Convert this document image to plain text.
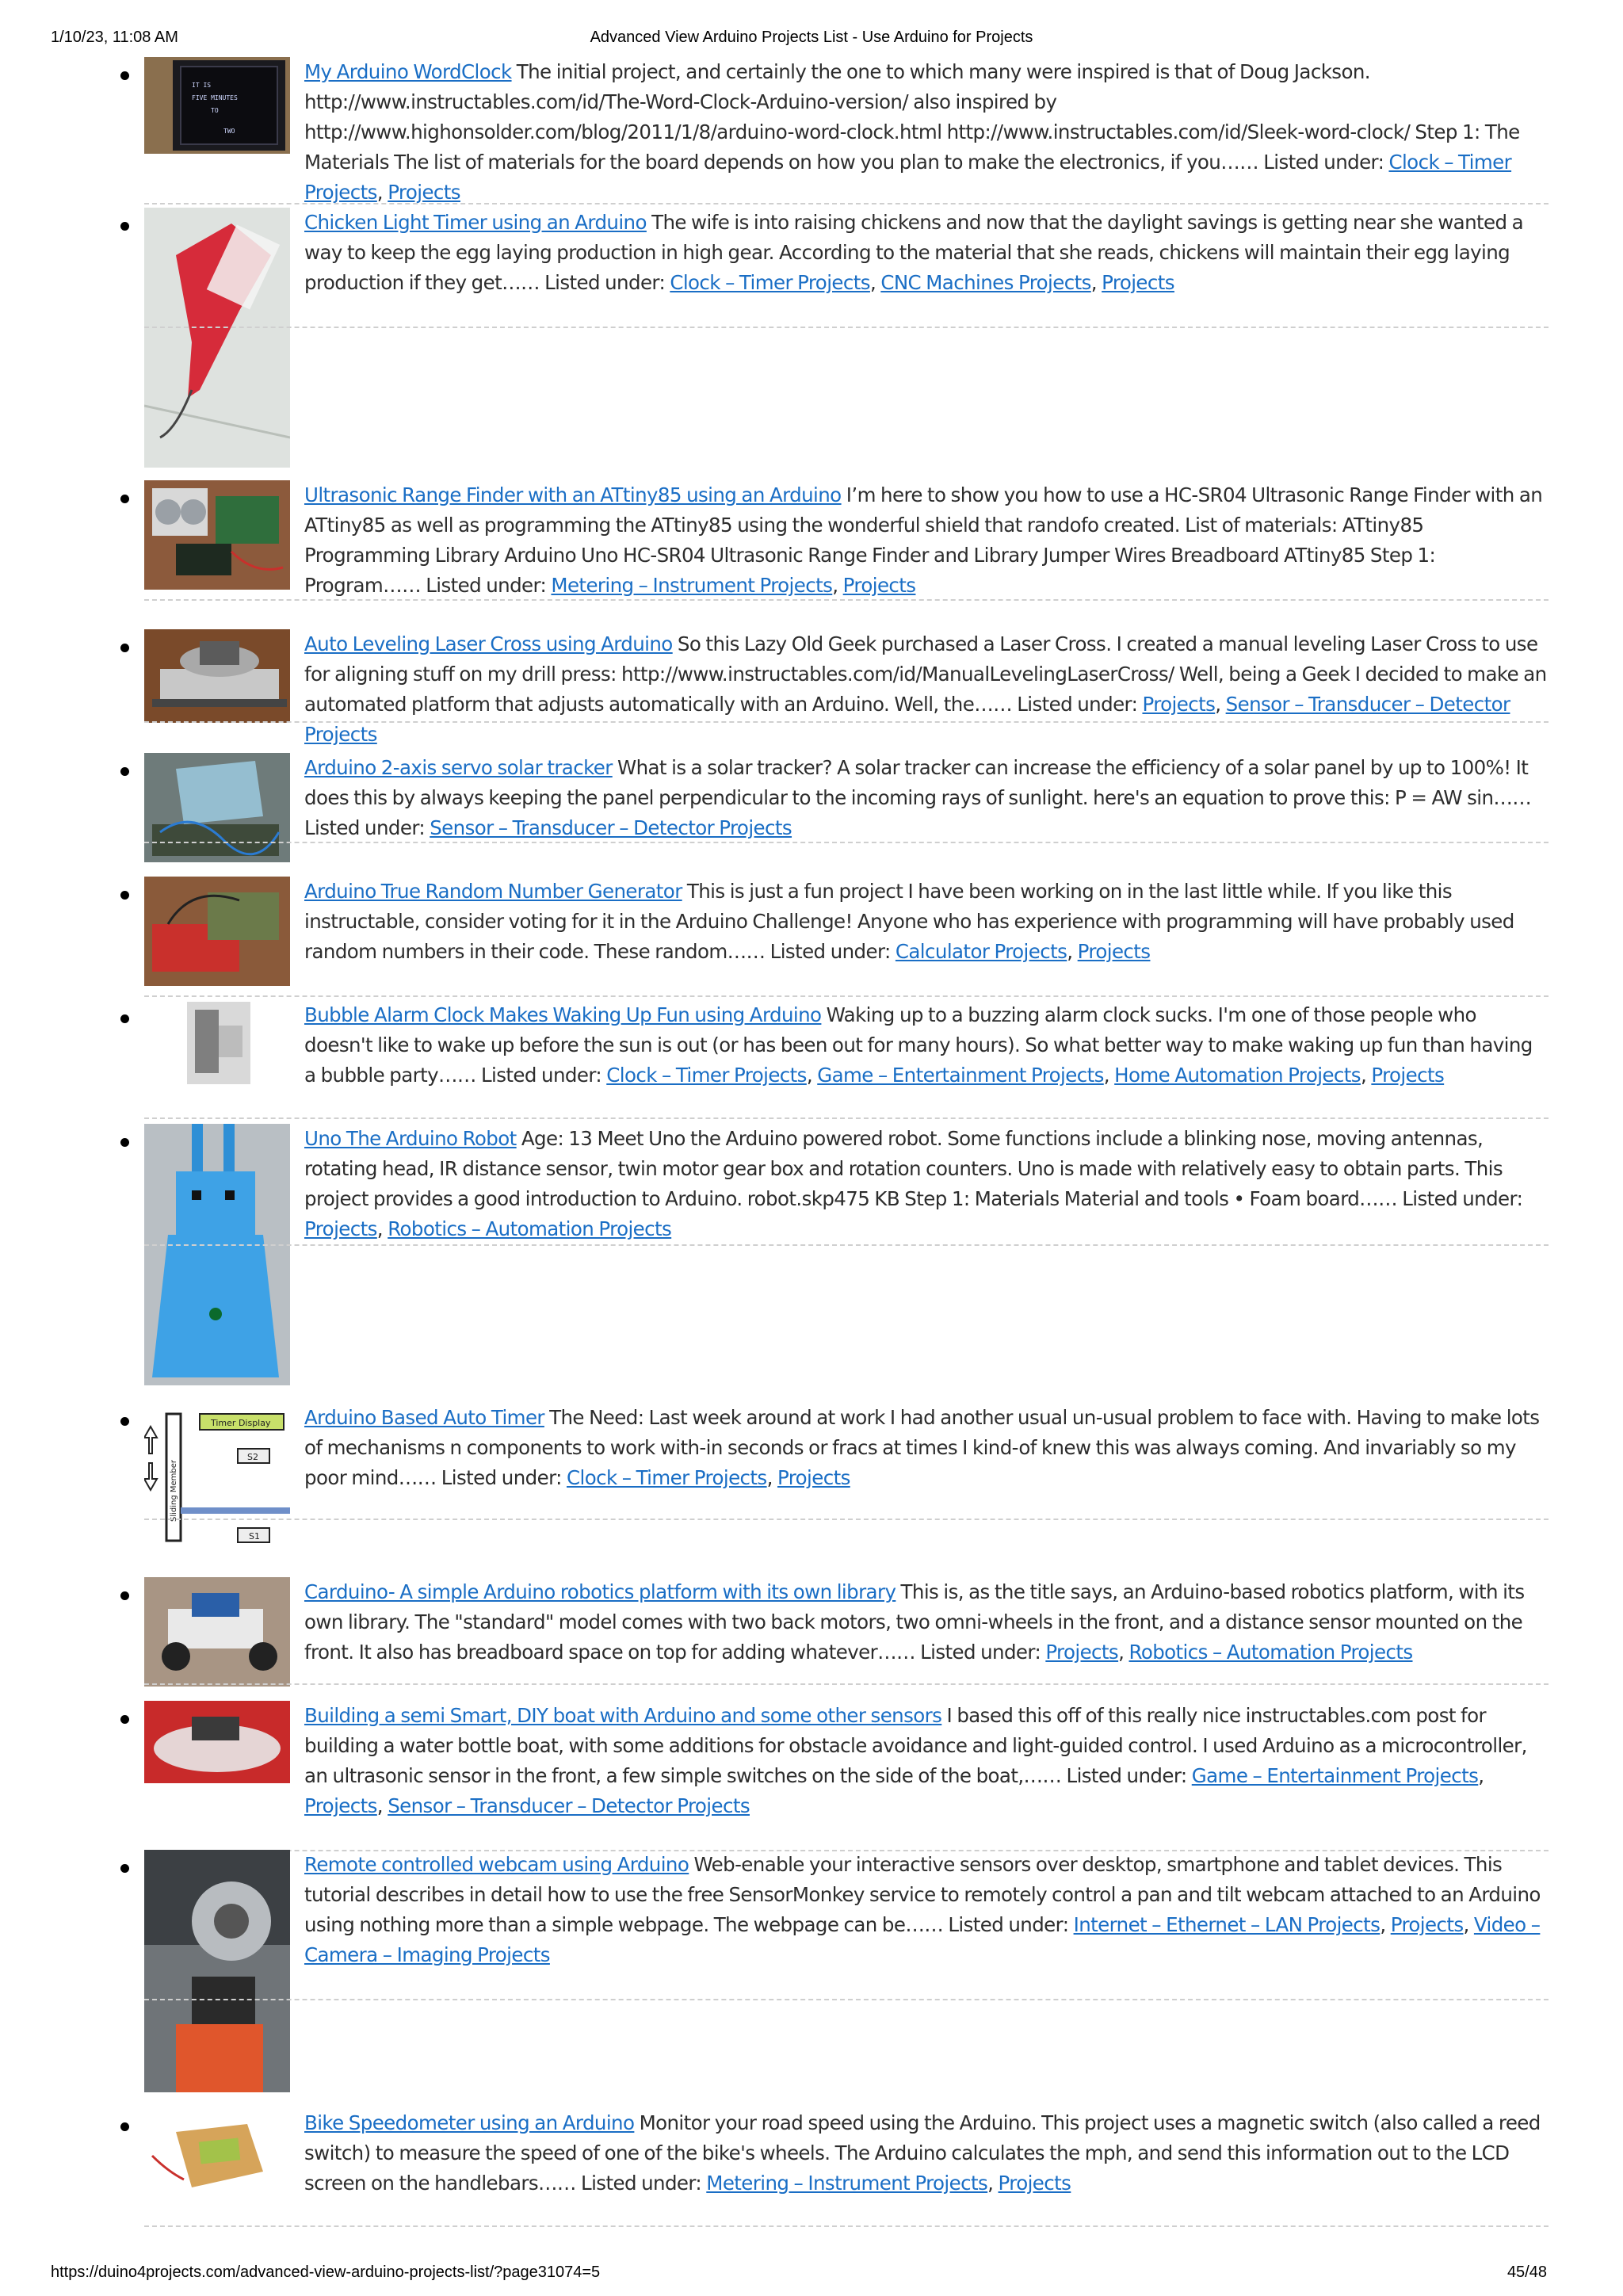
1/10/23, 11:08 AM	Advanced View Arduino Projects List - Use Arduino for Projects
IT IS
FIVE MINUTES
TO
TWO
My Arduino WordClock The initial project, and certainly the one to which many were inspired is that of Doug Jackson. http://www.instructables.com/id/The-Word-Clock-Arduino-version/ also inspired by http://www.highonsolder.com/blog/2011/1/8/arduino-word-clock.html http://www.instructables.com/id/Sleek-word-clock/ Step 1: The Materials The list of materials for the board depends on how you plan to make the electronics, if you…… Listed under: Clock – Timer Projects, Projects
Chicken Light Timer using an Arduino The wife is into raising chickens and now that the daylight savings is getting near she wanted a way to keep the egg laying production in high gear. According to the material that she reads, chickens will maintain their egg laying production if they get…… Listed under: Clock – Timer Projects, CNC Machines Projects, Projects
Ultrasonic Range Finder with an ATtiny85 using an Arduino I’m here to show you how to use a HC-SR04 Ultrasonic Range Finder with an ATtiny85 as well as programming the ATtiny85 using the wonderful shield that randofo created. List of materials: ATtiny85 Programming Library Arduino Uno HC-SR04 Ultrasonic Range Finder and Library Jumper Wires Breadboard ATtiny85 Step 1: Program…… Listed under: Metering – Instrument Projects, Projects
Auto Leveling Laser Cross using Arduino So this Lazy Old Geek purchased a Laser Cross. I created a manual leveling Laser Cross to use for aligning stuff on my drill press: http://www.instructables.com/id/ManualLevelingLaserCross/ Well, being a Geek I decided to make an automated platform that adjusts automatically with an Arduino. Well, the…… Listed under: Projects, Sensor – Transducer – Detector Projects
Arduino 2-axis servo solar tracker What is a solar tracker? A solar tracker can increase the efficiency of a solar panel by up to 100%! It does this by always keeping the panel perpendicular to the incoming rays of sunlight. here's an equation to prove this: P = AW sin…… Listed under: Sensor – Transducer – Detector Projects
Arduino True Random Number Generator This is just a fun project I have been working on in the last little while. If you like this instructable, consider voting for it in the Arduino Challenge! Anyone who has experience with programming will have probably used random numbers in their code. These random…… Listed under: Calculator Projects, Projects
Bubble Alarm Clock Makes Waking Up Fun using Arduino Waking up to a buzzing alarm clock sucks. I'm one of those people who doesn't like to wake up before the sun is out (or has been out for many hours). So what better way to make waking up fun than having a bubble party…… Listed under: Clock – Timer Projects, Game – Entertainment Projects, Home Automation Projects, Projects
Uno The Arduino Robot Age: 13 Meet Uno the Arduino powered robot. Some functions include a blinking nose, moving antennas, rotating head, IR distance sensor, twin motor gear box and rotation counters. Uno is made with relatively easy to obtain parts. This project provides a good introduction to Arduino. robot.skp475 KB Step 1: Materials Material and tools • Foam board…… Listed under: Projects, Robotics – Automation Projects
Sliding Member
Timer Display
S2
S1
Arduino Based Auto Timer The Need: Last week around at work I had another usual un-usual problem to face with. Having to make lots of mechanisms n components to work with-in seconds or fracs at times I kind-of knew this was always coming. And invariably so my poor mind…… Listed under: Clock – Timer Projects, Projects
Carduino- A simple Arduino robotics platform with its own library This is, as the title says, an Arduino-based robotics platform, with its own library. The "standard" model comes with two back motors, two omni-wheels in the front, and a distance sensor mounted on the front. It also has breadboard space on top for adding whatever…… Listed under: Projects, Robotics – Automation Projects
Building a semi Smart, DIY boat with Arduino and some other sensors I based this off of this really nice instructables.com post for building a water bottle boat, with some additions for obstacle avoidance and light-guided control. I used Arduino as a microcontroller, an ultrasonic sensor in the front, a few simple switches on the side of the boat,…… Listed under: Game – Entertainment Projects, Projects, Sensor – Transducer – Detector Projects
Remote controlled webcam using Arduino Web-enable your interactive sensors over desktop, smartphone and tablet devices. This tutorial describes in detail how to use the free SensorMonkey service to remotely control a pan and tilt webcam attached to an Arduino using nothing more than a simple webpage. The webpage can be…… Listed under: Internet – Ethernet – LAN Projects, Projects, Video – Camera – Imaging Projects
Bike Speedometer using an Arduino Monitor your road speed using the Arduino. This project uses a magnetic switch (also called a reed switch) to measure the speed of one of the bike's wheels. The Arduino calculates the mph, and send this information out to the LCD screen on the handlebars…… Listed under: Metering – Instrument Projects, Projects
https://duino4projects.com/advanced-view-arduino-projects-list/?page31074=5	45/48
